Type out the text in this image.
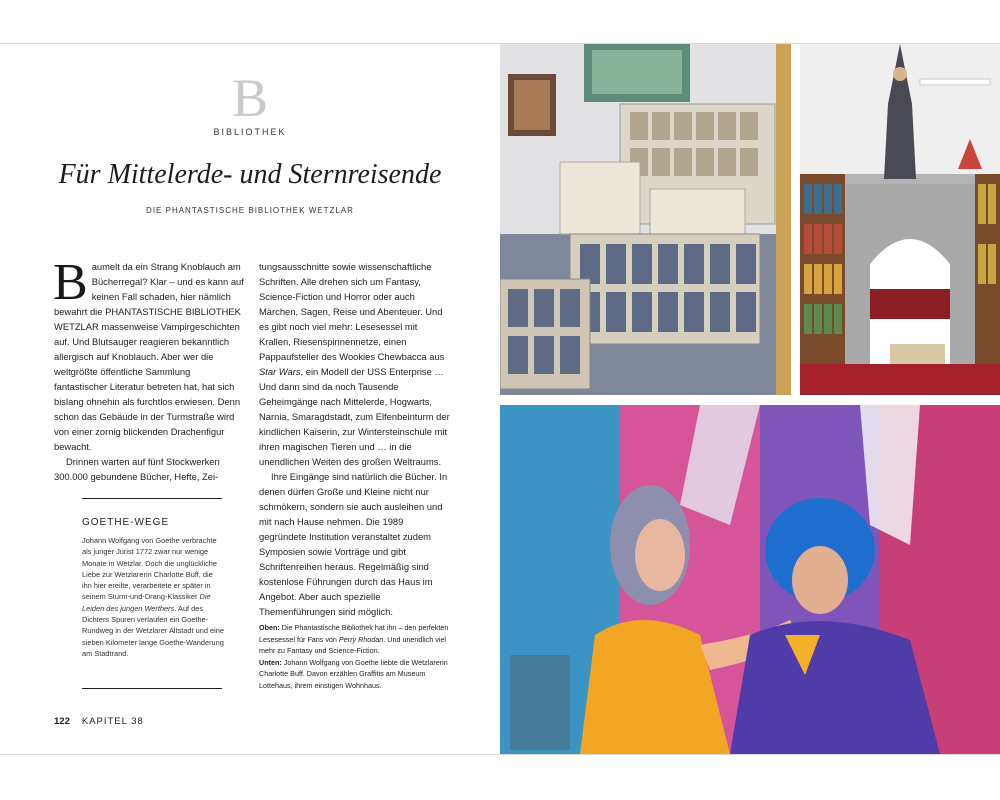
B
BIBLIOTHEK
Für Mittelerde- und Sternreisende
DIE PHANTASTISCHE BIBLIOTHEK WETZLAR

Baumelt da ein Strang Knoblauch am Bücherregal? Klar – und es kann auf keinen Fall schaden, hier nämlich bewahrt die PHANTASTISCHE BIBLIOTHEK WETZLAR massenweise Vampirgeschichten auf. Und Blutsauger reagieren bekanntlich allergisch auf Knoblauch. Aber wer die weltgrößte öffentliche Sammlung fantastischer Literatur betreten hat, hat sich bislang ohnehin als furchtlos erwiesen. Denn schon das Gebäude in der Turmstraße wird von einer zornig blickenden Drachenfigur bewacht.

Drinnen warten auf fünf Stockwerken 300.000 gebundene Bücher, Hefte, Zei-

GOETHE-WEGE

Johann Wolfgang von Goethe verbrachte als junger Jurist 1772 zwar nur wenige Monate in Wetzlar. Doch die unglückliche Liebe zur Wetzlarerin Charlotte Buff, die ihn hier ereilte, verarbeitete er später in seinem Sturm-und-Drang-Klassiker Die Leiden des jungen Werthers. Auf des Dichters Spuren verlaufen ein Goethe-Rundweg in der Wetzlarer Altstadt und eine sieben Kilometer lange Goethe-Wanderung am Stadtrand.

tungsausschnitte sowie wissenschaftliche Schriften. Alle drehen sich um Fantasy, Science-Fiction und Horror oder auch Märchen, Sagen, Reise und Abenteuer. Und es gibt noch viel mehr: Lesesessel mit Krallen, Riesenspinnennetze, einen Pappaufsteller des Wookies Chewbacca aus Star Wars, ein Modell der USS Enterprise … Und dann sind da noch Tausende Geheimgänge nach Mittelerde, Hogwarts, Narnia, Smaragdstadt, zum Elfenbeinturm der kindlichen Kaiserin, zur Wintersteinschule mit ihren magischen Tieren und … in die unendlichen Weiten des großen Weltraums.

Ihre Eingänge sind natürlich die Bücher. In denen dürfen Große und Kleine nicht nur schmökern, sondern sie auch ausleihen und mit nach Hause nehmen. Die 1989 gegründete Institution veranstaltet zudem Symposien sowie Vorträge und gibt Schriftenreihen heraus. Regelmäßig sind kostenlose Führungen durch das Haus im Angebot. Aber auch spezielle Themenführungen sind möglich.

Oben: Die Phantastische Bibliothek hat ihn – den perfekten Lesesessel für Fans von Perry Rhodan. Und unendlich viel mehr zu Fantasy und Science-Fiction.
Unten: Johann Wolfgang von Goethe liebte die Wetzlarerin Charlotte Buff. Davon erzählen Graffitis am Museum Lottehaus, ihrem einstigen Wohnhaus.

122 KAPITEL 38
